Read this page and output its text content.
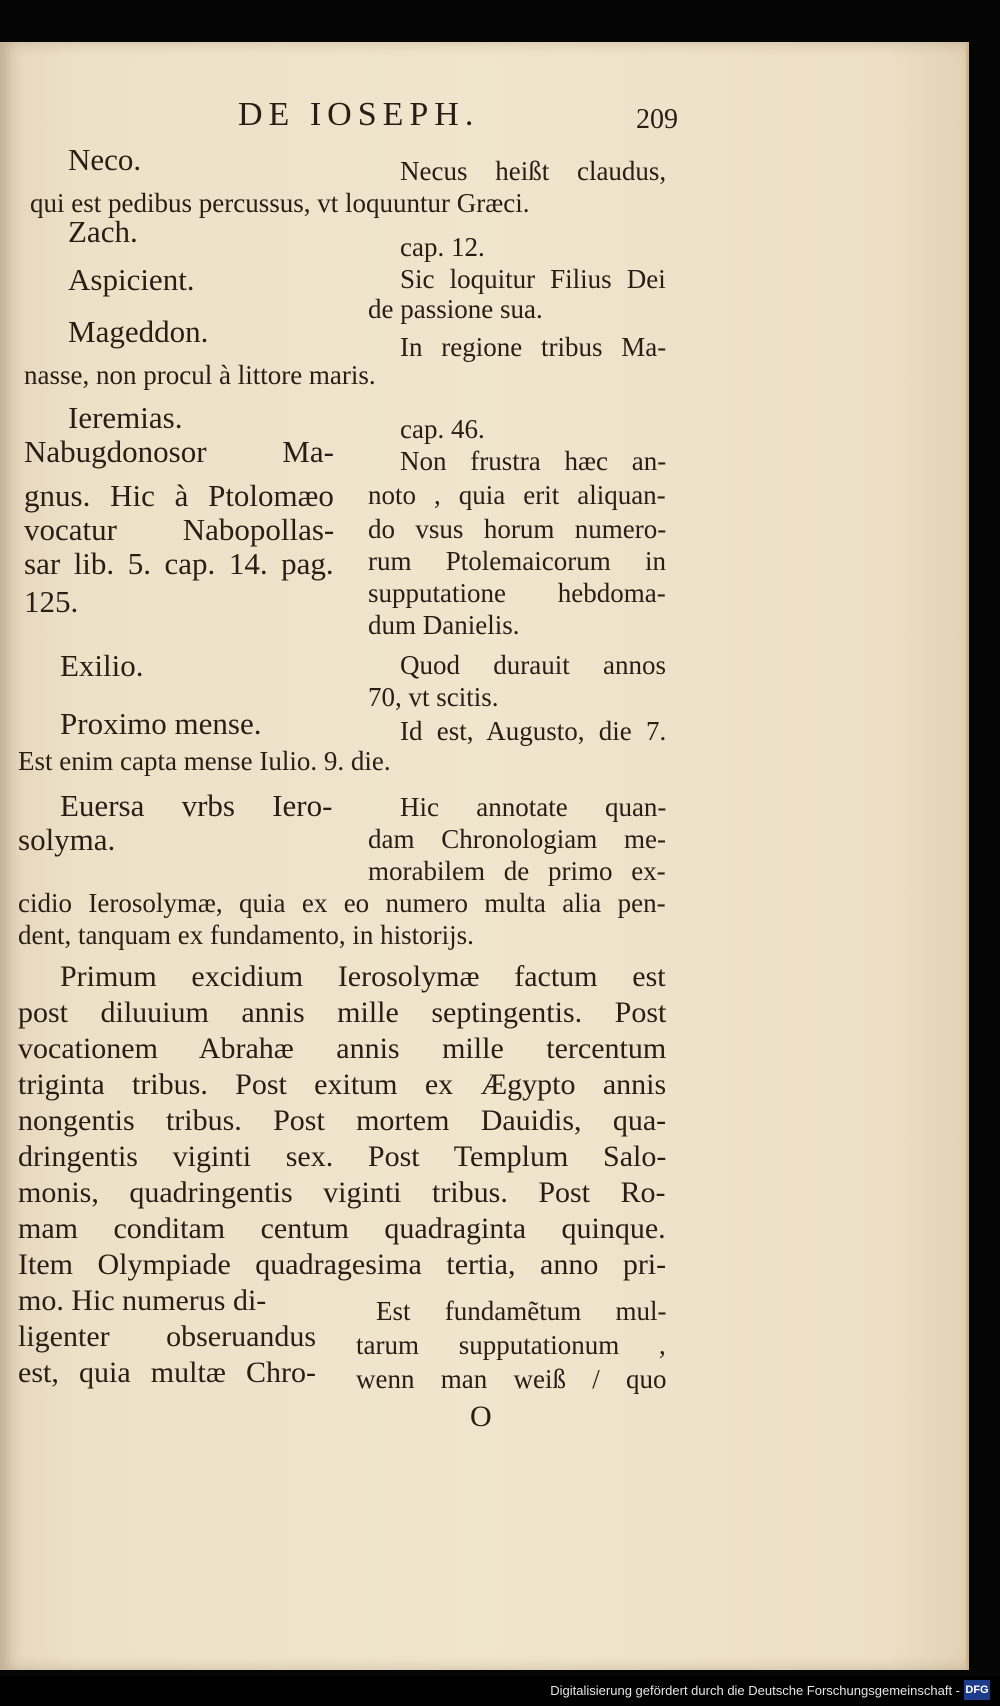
DE IOSEPH.	209
Neco.	Necus heißt claudus,
qui est pedibus percussus, vt loquuntur Græci.
Zach.	cap. 12.
Aspicient.	Sic loquitur Filius Dei
de passione sua.
Mageddon.	In regione tribus Ma-
nasse, non procul à littore maris.
Ieremias.	cap. 46.
Nabugdonosor Ma-
gnus. Hic à Ptolomæo
vocatur Nabopollas-
sar lib. 5. cap. 14. pag.
125.
Non frustra hæc an-
noto , quia erit aliquan-
do vsus horum numero-
rum Ptolemaicorum in
supputatione hebdoma-
dum Danielis.
Exilio.	Quod durauit annos
70, vt scitis.
Proximo mense.	Id est, Augusto, die 7.
Est enim capta mense Iulio. 9. die.
Euersa vrbs Iero-
solyma.
Hic annotate quan-
dam Chronologiam me-
morabilem de primo ex-
cidio Ierosolymæ, quia ex eo numero multa alia pen-
dent, tanquam ex fundamento, in historijs.
Primum excidium Ierosolymæ factum est
post diluuium annis mille septingentis. Post
vocationem Abrahæ annis mille tercentum
triginta tribus. Post exitum ex Ægypto annis
nongentis tribus. Post mortem Dauidis, qua-
dringentis viginti sex. Post Templum Salo-
monis, quadringentis viginti tribus. Post Ro-
mam conditam centum quadraginta quinque.
Item Olympiade quadragesima tertia, anno pri-
mo. Hic numerus di-
ligenter obseruandus
est, quia multæ Chro-
Est fundamẽtum mul-
tarum supputationum ,
wenn man weiß / quo
O
Digitalisierung gefördert durch die Deutsche Forschungsgemeinschaft - DFG
